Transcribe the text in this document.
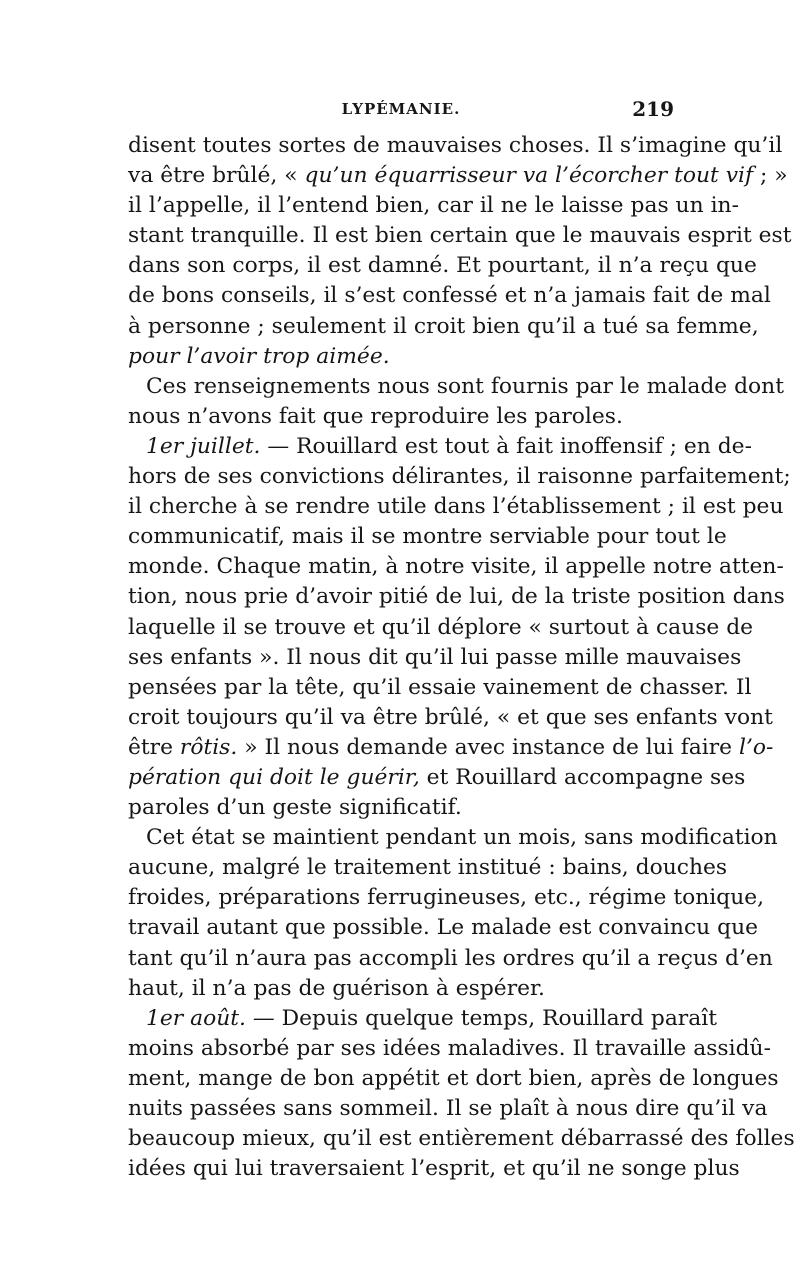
LYPÉMANIE.	219
disent toutes sortes de mauvaises choses. Il s’imagine qu’il
va être brûlé, « qu’un équarrisseur va l’écorcher tout vif ; »
il l’appelle, il l’entend bien, car il ne le laisse pas un in-
stant tranquille. Il est bien certain que le mauvais esprit est
dans son corps, il est damné. Et pourtant, il n’a reçu que
de bons conseils, il s’est confessé et n’a jamais fait de mal
à personne ; seulement il croit bien qu’il a tué sa femme,
pour l’avoir trop aimée.
Ces renseignements nous sont fournis par le malade dont
nous n’avons fait que reproduire les paroles.
1er juillet. — Rouillard est tout à fait inoffensif ; en de-
hors de ses convictions délirantes, il raisonne parfaitement;
il cherche à se rendre utile dans l’établissement ; il est peu
communicatif, mais il se montre serviable pour tout le
monde. Chaque matin, à notre visite, il appelle notre atten-
tion, nous prie d’avoir pitié de lui, de la triste position dans
laquelle il se trouve et qu’il déplore « surtout à cause de
ses enfants ». Il nous dit qu’il lui passe mille mauvaises
pensées par la tête, qu’il essaie vainement de chasser. Il
croit toujours qu’il va être brûlé, « et que ses enfants vont
être rôtis. » Il nous demande avec instance de lui faire l’o-
pération qui doit le guérir, et Rouillard accompagne ses
paroles d’un geste significatif.
Cet état se maintient pendant un mois, sans modification
aucune, malgré le traitement institué : bains, douches
froides, préparations ferrugineuses, etc., régime tonique,
travail autant que possible. Le malade est convaincu que
tant qu’il n’aura pas accompli les ordres qu’il a reçus d’en
haut, il n’a pas de guérison à espérer.
1er août. — Depuis quelque temps, Rouillard paraît
moins absorbé par ses idées maladives. Il travaille assidû-
ment, mange de bon appétit et dort bien, après de longues
nuits passées sans sommeil. Il se plaît à nous dire qu’il va
beaucoup mieux, qu’il est entièrement débarrassé des folles
idées qui lui traversaient l’esprit, et qu’il ne songe plus
